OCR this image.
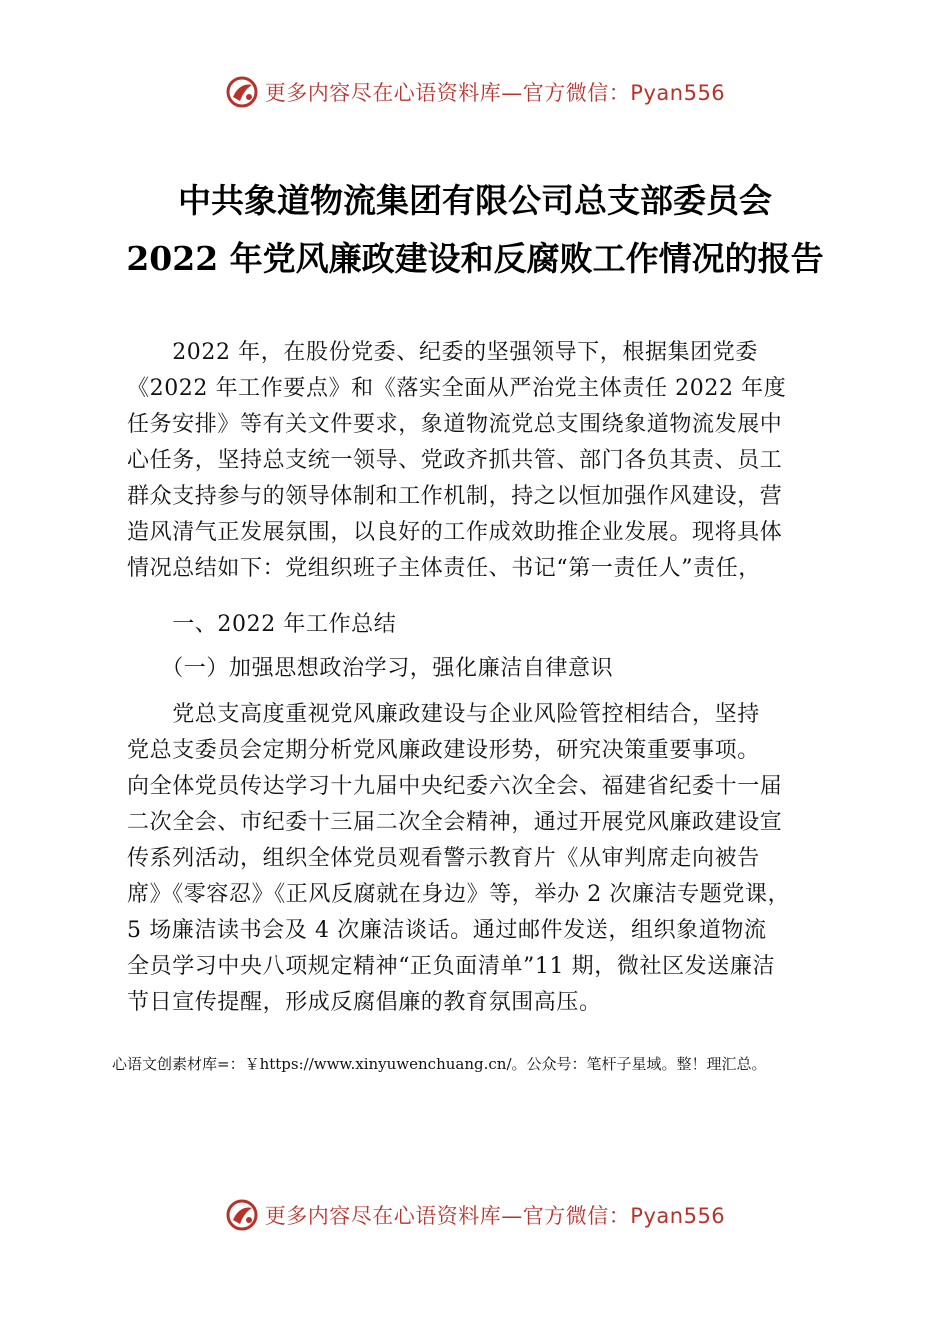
更多内容尽在心语资料库—官方微信：Pyan556
中共象道物流集团有限公司总支部委员会
2022 年党风廉政建设和反腐败工作情况的报告
　　2022 年，在股份党委、纪委的坚强领导下，根据集团党委
《2022 年工作要点》和《落实全面从严治党主体责任 2022 年度
任务安排》等有关文件要求，象道物流党总支围绕象道物流发展中
心任务，坚持总支统一领导、党政齐抓共管、部门各负其责、员工
群众支持参与的领导体制和工作机制，持之以恒加强作风建设，营
造风清气正发展氛围，以良好的工作成效助推企业发展。现将具体
情况总结如下：党组织班子主体责任、书记“第一责任人”责任，
　　一、2022 年工作总结
　　（一）加强思想政治学习，强化廉洁自律意识
　　党总支高度重视党风廉政建设与企业风险管控相结合，坚持
党总支委员会定期分析党风廉政建设形势，研究决策重要事项。
向全体党员传达学习十九届中央纪委六次全会、福建省纪委十一届
二次全会、市纪委十三届二次全会精神，通过开展党风廉政建设宣
传系列活动，组织全体党员观看警示教育片《从审判席走向被告
席》《零容忍》《正风反腐就在身边》等，举办 2 次廉洁专题党课，
5 场廉洁读书会及 4 次廉洁谈话。通过邮件发送，组织象道物流
全员学习中央八项规定精神“正负面清单”11 期，微社区发送廉洁
节日宣传提醒，形成反腐倡廉的教育氛围高压。
心语文创素材库=：￥https://www.xinyuwenchuang.cn/。公众号：笔杆子星域。整！理汇总。
更多内容尽在心语资料库—官方微信：Pyan556
